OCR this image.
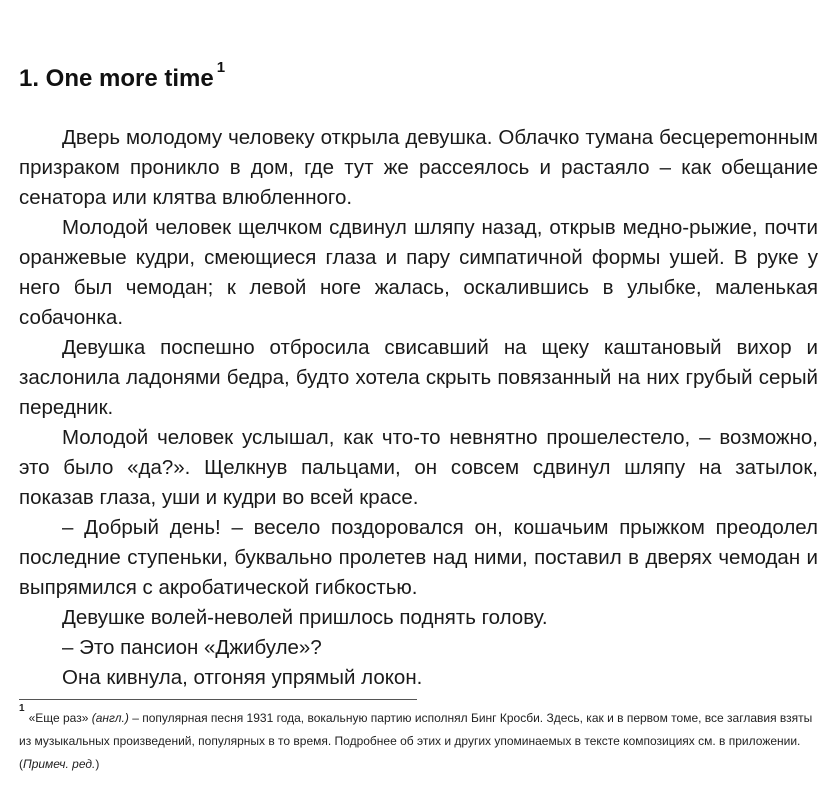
1. One more time $^1$

Дверь молодому человеку открыла девушка. Облачко тумана бесцереmонным призраком проникло в дом, где тут же рассеялось и растаяло – как обещание сенатора или клятва влюбленного.

Молодой человек щелчком сдвинул шляпу назад, открыв медно-рыжие, почти оранжевые кудри, смеющиеся глаза и пару симпатичной формы ушей. В руке у него был чемодан; к левой ноге жалась, оскалившись в улыбке, маленькая собачонка.

Девушка поспешно отбросила свисавший на щеку каштановый вихор и заслонила ладонями бедра, будто хотела скрыть повязанный на них грубый серый передник.

Молодой человек услышал, как что-то невнятно прошелестело, – возможно, это было «да?». Щелкнув пальцами, он совсем сдвинул шляпу на затылок, показав глаза, уши и кудри во всей красе.

– Добрый день! – весело поздоровался он, кошачьим прыжком преодолел последние ступеньки, буквально пролетев над ними, поставил в дверях чемодан и выпрямился с акробатической гибкостью.

Девушке волей-неволей пришлось поднять голову.

– Это пансион «Джибуле»?

Она кивнула, отгоняя упрямый локон.

$^1$«Еще раз» (англ.) – популярная песня 1931 года, вокальную партию исполнял Бинг Кросби. Здесь, как и в первом томе, все заглавия взяты из музыкальных произведений, популярных в то время. Подробнее об этих и других упоминаемых в тексте композициях см. в приложении. (Примеч. ред.)
